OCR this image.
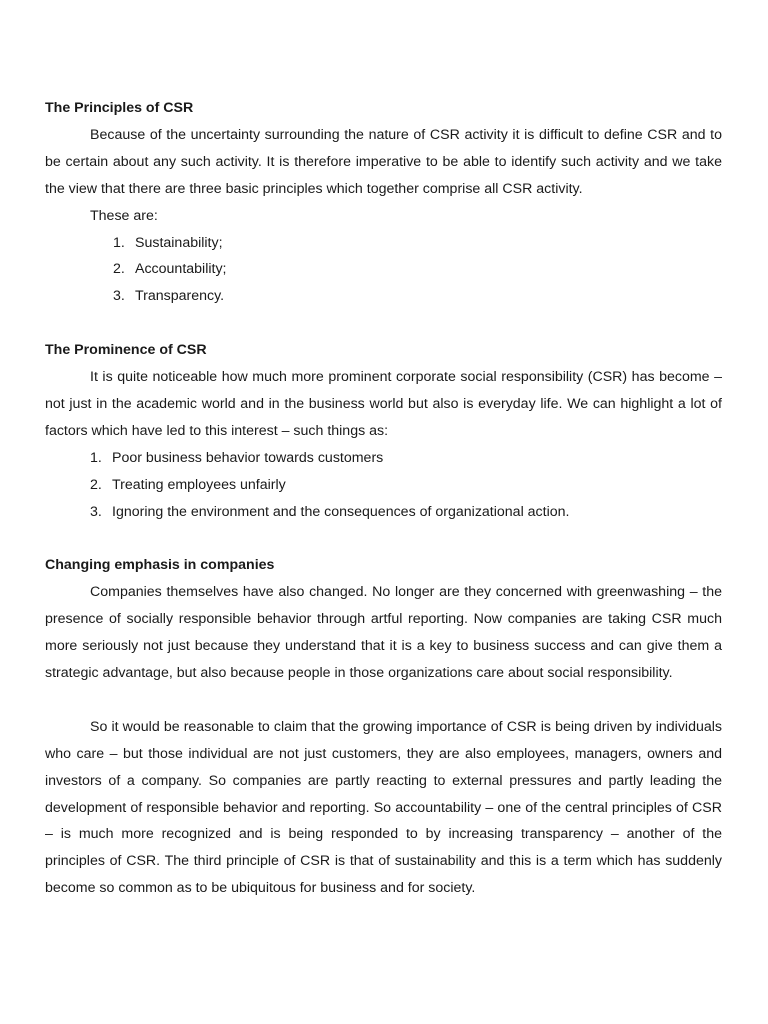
The Principles of CSR

Because of the uncertainty surrounding the nature of CSR activity it is difficult to define CSR and to be certain about any such activity. It is therefore imperative to be able to identify such activity and we take the view that there are three basic principles which together comprise all CSR activity.

These are:

1. Sustainability;
2. Accountability;
3. Transparency.

The Prominence of CSR

It is quite noticeable how much more prominent corporate social responsibility (CSR) has become – not just in the academic world and in the business world but also is everyday life. We can highlight a lot of factors which have led to this interest – such things as:

1. Poor business behavior towards customers
2. Treating employees unfairly
3. Ignoring the environment and the consequences of organizational action.

Changing emphasis in companies

Companies themselves have also changed. No longer are they concerned with greenwashing – the presence of socially responsible behavior through artful reporting. Now companies are taking CSR much more seriously not just because they understand that it is a key to business success and can give them a strategic advantage, but also because people in those organizations care about social responsibility.

So it would be reasonable to claim that the growing importance of CSR is being driven by individuals who care – but those individual are not just customers, they are also employees, managers, owners and investors of a company. So companies are partly reacting to external pressures and partly leading the development of responsible behavior and reporting. So accountability – one of the central principles of CSR – is much more recognized and is being responded to by increasing transparency – another of the principles of CSR. The third principle of CSR is that of sustainability and this is a term which has suddenly become so common as to be ubiquitous for business and for society.
